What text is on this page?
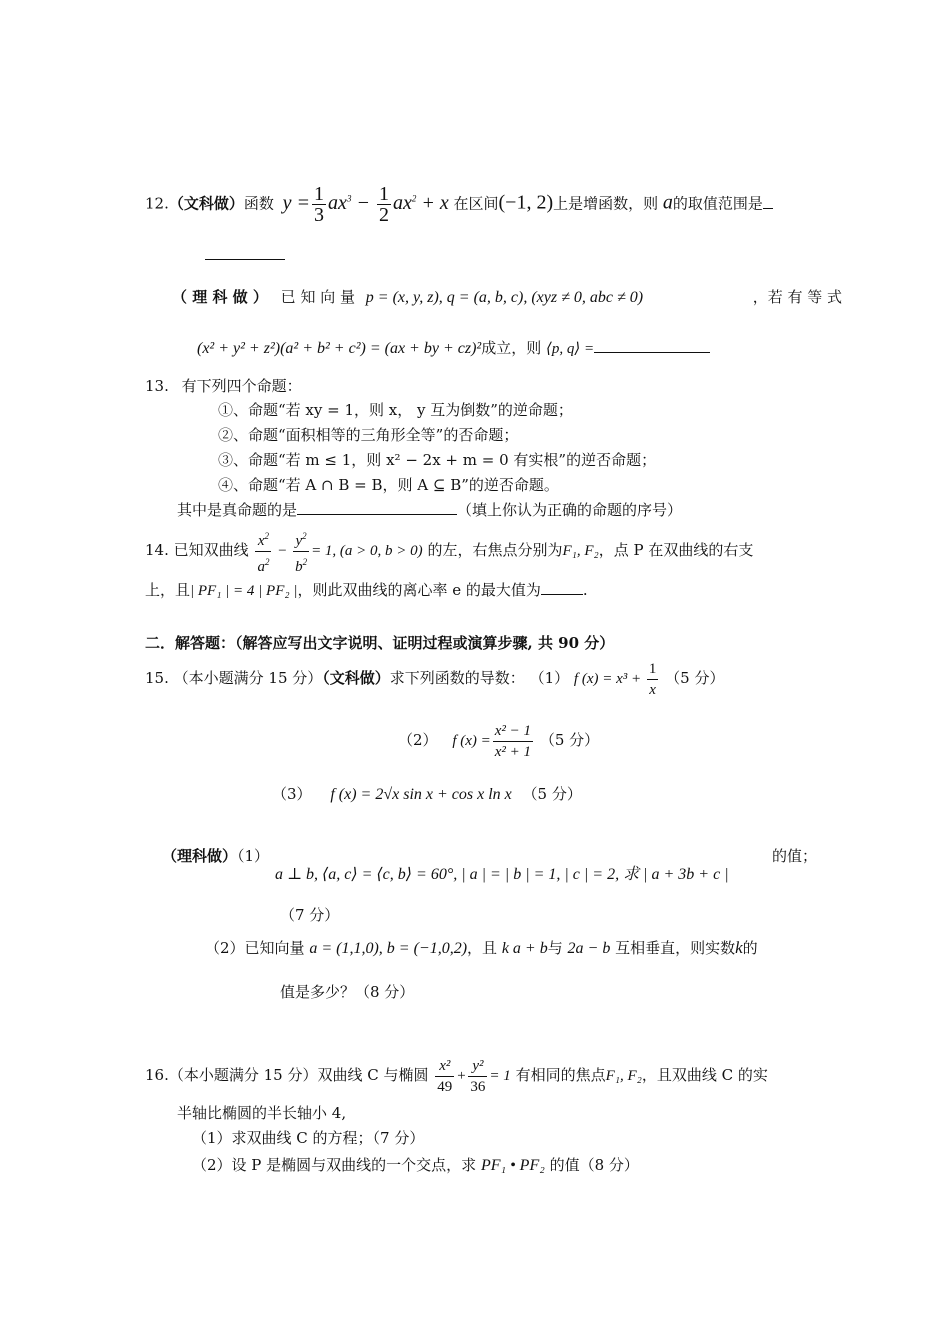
12.（文科做）函数 $y = \frac{1}{3} ax^3 - \frac{1}{2} ax^2 + x$ 在区间(−1, 2)上是增函数，则 a的取值范围是
（ 理 科 做 ） 已 知 向 量 p = (x, y, z), q = (a, b, c), (xyz ≠ 0, abc ≠ 0)	，若 有 等 式
(x² + y² + z²)(a² + b² + c²) = (ax + by + cz)²成立，则 ⟨p, q⟩ =
13. 有下列四个命题：
①、命题“若 xy = 1，则 x， y 互为倒数”的逆命题；
②、命题“面积相等的三角形全等”的否命题；
③、命题“若 m ≤ 1，则 x² − 2x + m = 0 有实根”的逆否命题；
④、命题“若 A ∩ B = B，则 A ⊆ B”的逆否命题。
其中是真命题的是	（填上你认为正确的命题的序号）
14. 已知双曲线 $\frac{x^2}{a^2} - \frac{y^2}{b^2} = 1$, (a > 0, b > 0) 的左，右焦点分别为F₁, F₂，点 P 在双曲线的右支
上，且| PF₁ | = 4 | PF₂ |，则此双曲线的离心率 e 的最大值为	.
二．解答题：（解答应写出文字说明、证明过程或演算步骤, 共 90 分）
15. （本小题满分 15 分）（文科做）求下列函数的导数： （1） f $(x) = x^3 + \frac{1}{x} (5$ 分）
（2） f $(x) = \frac{\text{x² − 1}}{\text{x² + 1}} (5$ 分）
（3） f (x) = 2√x sin x + cos x ln x （5 分）
（理科做）（1）	的值；
a ⊥ b, ⟨a, c⟩ = ⟨c, b⟩ = 60°, | a | = | b | = 1, | c | = 2, 求 | a + 3b + c |
（7 分）
（2）已知向量 a = (1,1,0), b = (−1,0,2)，且 k a + b与 2a − b 互相垂直，则实数k的
值是多少？（8 分）
16.（本小题满分 15 分）双曲线 C 与椭圆 $\frac{\text{x²}}{49} + \frac{\text{y²}}{36} = 1$ 有相同的焦点F₁, F₂，且双曲线 C 的实
半轴比椭圆的半长轴小 4,
（1）求双曲线 C 的方程；（7 分）
（2）设 P 是椭圆与双曲线的一个交点，求 PF₁ • PF₂ 的值（8 分）
